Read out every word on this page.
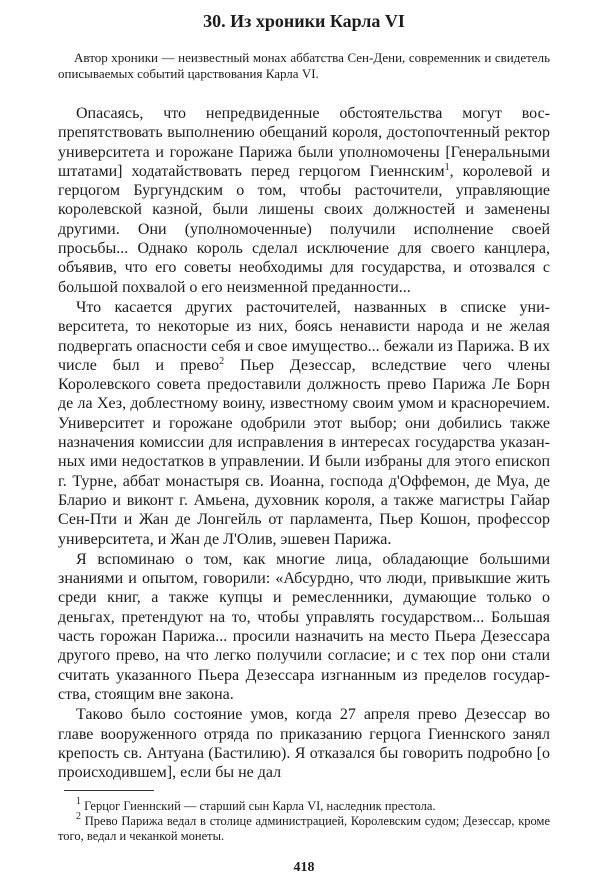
30. Из хроники Карла VI

Автор хроники — неизвестный монах аббатства Сен-Дени, современник и свидетель описываемых событий царствования Карла VI.

Опасаясь, что непредвиденные обстоятельства могут воспрепятствовать выполнению обещаний короля, достопочтенный ректор университета и горожане Парижа были уполномочены [Генеральными штатами] ходатайствовать перед герцогом Гиеннским$^1$, королевой и герцогом Бургундским о том, чтобы расточители, управляющие королевской казной, были лишены своих должностей и заменены другими. Они (уполномоченные) получили исполнение своей просьбы... Однако король сделал исключение для своего канцлера, объявив, что его советы необходимы для государства, и отозвался с большой похвалой о его неизменной преданности...

Что касается других расточителей, названных в списке университета, то некоторые из них, боясь ненависти народа и не желая подвергать опасности себя и свое имущество... бежали из Парижа. В их числе был и прево$^2$ Пьер Дезессар, вследствие чего члены Королевского совета предоставили должность прево Парижа Ле Борн де ла Хез, доблестному воину, известному своим умом и красноречием. Университет и горожане одобрили этот выбор; они добились также назначения комиссии для исправления в интересах государства указанных ими недостатков в управлении. И были избраны для этого епископ г. Турне, аббат монастыря св. Иоанна, господа д'Оффемон, де Муа, де Бларио и виконт г. Амьена, духовник короля, а также магистры Гайар Сен-Пти и Жан де Лонгейль от парламента, Пьер Кошон, профессор университета, и Жан де Л'Олив, эшевен Парижа.

Я вспоминаю о том, как многие лица, обладающие большими знаниями и опытом, говорили: «Абсурдно, что люди, привыкшие жить среди книг, а также купцы и ремесленники, думающие только о деньгах, претендуют на то, чтобы управлять государством... Большая часть горожан Парижа... просили назначить на место Пьера Дезессара другого прево, на что легко получили согласие; и с тех пор они стали считать указанного Пьера Дезессара изгнанным из пределов государства, стоящим вне закона.

Таково было состояние умов, когда 27 апреля прево Дезессар во главе вооруженного отряда по приказанию герцога Гиеннского занял крепость св. Антуана (Бастилию). Я отказался бы говорить подробно [о происходившем], если бы не дал

$^1$ Герцог Гиеннский — старший сын Карла VI, наследник престола.

$^2$ Прево Парижа ведал в столице администрацией, Королевским судом; Дезессар, кроме того, ведал и чеканкой монеты.

418
